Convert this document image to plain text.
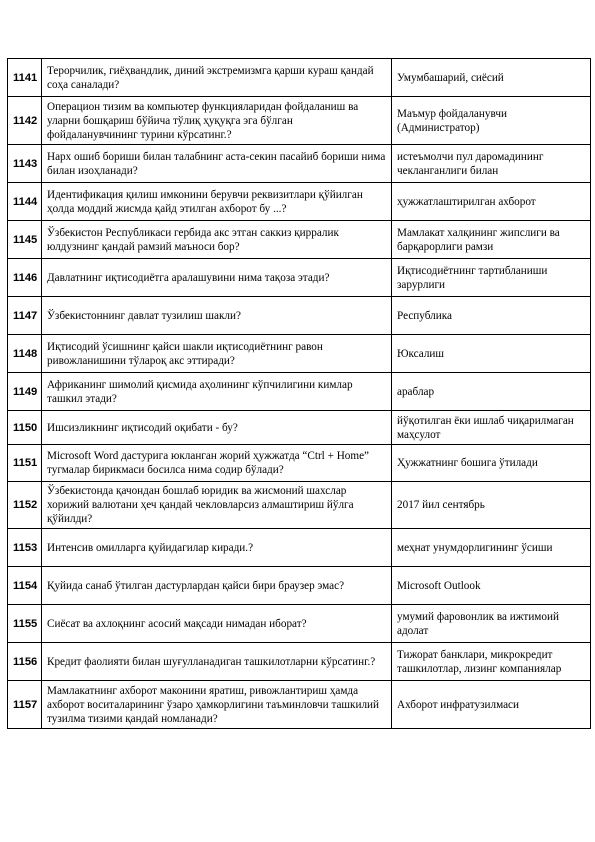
1141	Терорчилик, гиёҳвандлик, диний экстремизмга қарши кураш қандай соҳа саналади?	Умумбашарий, сиёсий
1142	Операцион тизим ва компьютер функцияларидан фойдаланиш ва уларни бошқариш бўйича тўлиқ ҳуқуқга эга бўлган фойдаланувчининг турини кўрсатинг.?	Маъмур фойдаланувчи (Администратор)
1143	Нарх ошиб бориши билан талабнинг аста-секин пасайиб бориши нима билан изоҳланади?	истеъмолчи пул даромадининг чекланганлиги билан
1144	Идентификация қилиш имконини берувчи реквизитлари қўйилган ҳолда моддий жисмда қайд этилган ахборот бу ...?	ҳужжатлаштирилган ахборот
1145	Ўзбекистон Республикаси гербида акс этган саккиз қирралик юлдузнинг қандай рамзий маъноси бор?	Мамлакат халқининг жипслиги ва барқарорлиги рамзи
1146	Давлатнинг иқтисодиётга аралашувини нима тақоза этади?	Иқтисодиётнинг тартибланиши зарурлиги
1147	Ўзбекистоннинг давлат тузилиш шакли?	Республика
1148	Иқтисодий ўсишнинг қайси шакли иқтисодиётнинг равон ривожланишини тўлароқ акс эттиради?	Юксалиш
1149	Африканинг шимолий қисмида аҳолининг кўпчилигини кимлар ташкил этади?	араблар
1150	Ишсизликнинг иқтисодий оқибати - бу?	йўқотилган ёки ишлаб чиқарилмаган маҳсулот
1151	Microsoft Word дастурига юкланган жорий ҳужжатда “Ctrl + Home” тугмалар бирикмаси босилса нима содир бўлади?	Ҳужжатнинг бошига ўтилади
1152	Ўзбекистонда қачондан бошлаб юридик ва жисмоний шахслар хорижий валютани ҳеч қандай чекловларсиз алмаштириш йўлга қўйилди?	2017 йил сентябрь
1153	Интенсив омилларга қуйидагилар киради.?	меҳнат унумдорлигининг ўсиши
1154	Қуйида санаб ўтилган дастурлардан қайси бири браузер эмас?	Microsoft Outlook
1155	Сиёсат ва ахлоқнинг асосий мақсади нимадан иборат?	умумий фаровонлик ва ижтимоий адолат
1156	Кредит фаолияти билан шуғулланадиган ташкилотларни кўрсатинг.?	Тижорат банклари, микрокредит ташкилотлар, лизинг компаниялар
1157	Мамлакатнинг ахборот маконини яратиш, ривожлантириш ҳамда ахборот воситаларининг ўзаро ҳамкорлигини таъминловчи ташкилий тузилма тизими қандай номланади?	Ахборот инфратузилмаси
